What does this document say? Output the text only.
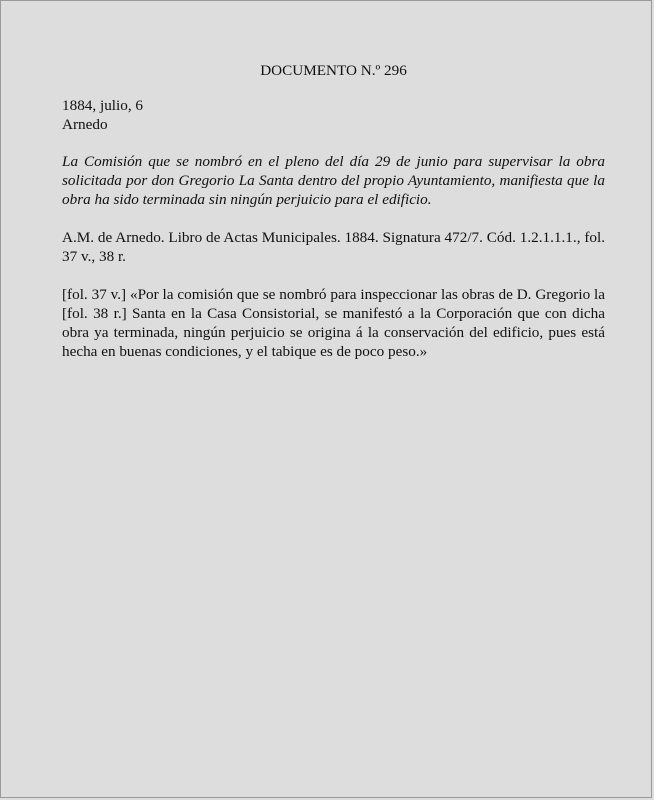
DOCUMENTO N.º 296

1884, julio, 6

Arnedo

La Comisión que se nombró en el pleno del día 29 de junio para supervisar la obra solicitada por don Gregorio La Santa dentro del propio Ayuntamiento, manifiesta que la obra ha sido terminada sin ningún perjuicio para el edificio.

A.M. de Arnedo. Libro de Actas Municipales. 1884. Signatura 472/7. Cód. 1.2.1.1.1., fol. 37 v., 38 r.

[fol. 37 v.] «Por la comisión que se nombró para inspeccionar las obras de D. Gregorio la [fol. 38 r.] Santa en la Casa Consistorial, se manifestó a la Corporación que con dicha obra ya terminada, ningún perjuicio se origina á la conservación del edificio, pues está hecha en buenas condiciones, y el tabique es de poco peso.»
